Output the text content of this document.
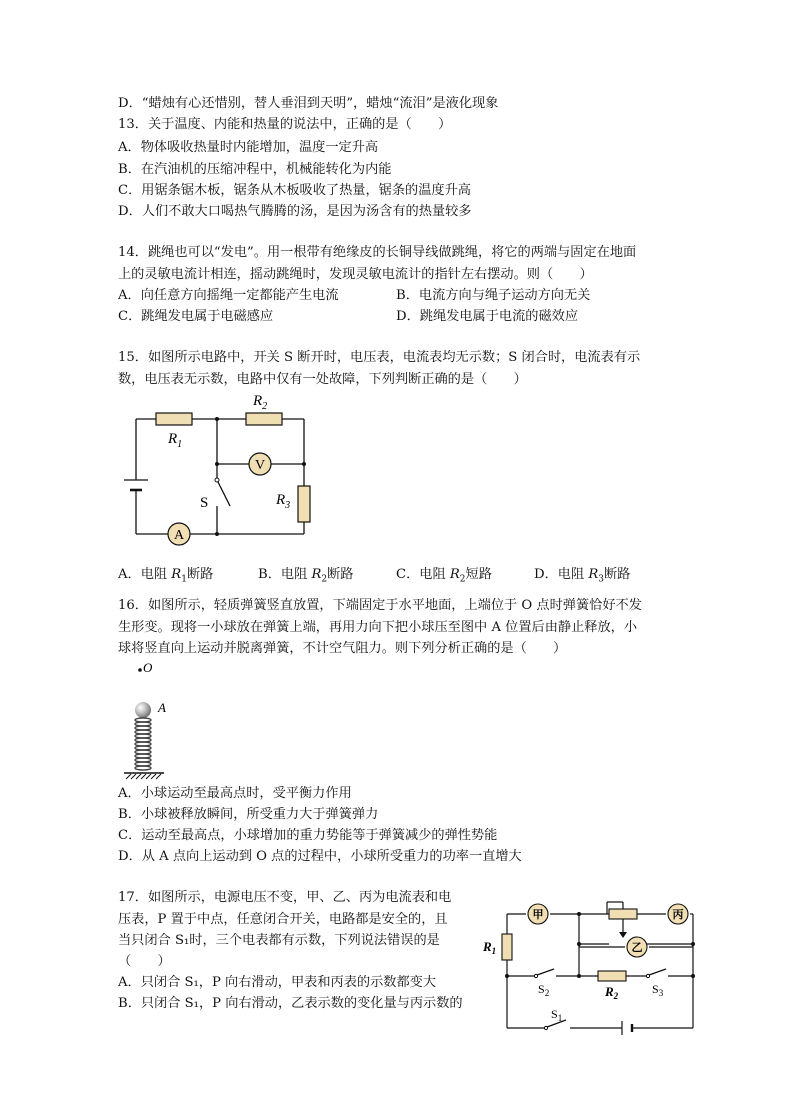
D．“蜡烛有心还惜别，替人垂泪到天明”，蜡烛“流泪”是液化现象
13．关于温度、内能和热量的说法中，正确的是（　　）
A．物体吸收热量时内能增加，温度一定升高
B．在汽油机的压缩冲程中，机械能转化为内能
C．用锯条锯木板，锯条从木板吸收了热量，锯条的温度升高
D．人们不敢大口喝热气腾腾的汤，是因为汤含有的热量较多
14．跳绳也可以“发电”。用一根带有绝缘皮的长铜导线做跳绳，将它的两端与固定在地面
上的灵敏电流计相连，摇动跳绳时，发现灵敏电流计的指针左右摆动。则（　　）
A．向任意方向摇绳一定都能产生电流	B．电流方向与绳子运动方向无关
C．跳绳发电属于电磁感应	D．跳绳发电属于电流的磁效应
15．如图所示电路中，开关 S 断开时，电压表，电流表均无示数；S 闭合时，电流表有示
数，电压表无示数，电路中仅有一处故障，下列判断正确的是（　　）
V
A
$R_1$
$R_2$
$R_3$
S
A．电阻 $R_1$断路	B．电阻 $R_2$断路	C．电阻 $R_2$短路	D．电阻 $R_3$断路
16．如图所示，轻质弹簧竖直放置，下端固定于水平地面，上端位于 O 点时弹簧恰好不发
生形变。现将一小球放在弹簧上端，再用力向下把小球压至图中 A 位置后由静止释放，小
球将竖直向上运动并脱离弹簧，不计空气阻力。则下列分析正确的是（　　）
O
A
A．小球运动至最高点时，受平衡力作用
B．小球被释放瞬间，所受重力大于弹簧弹力
C．运动至最高点，小球增加的重力势能等于弹簧减少的弹性势能
D．从 A 点向上运动到 O 点的过程中，小球所受重力的功率一直增大
17．如图所示，电源电压不变，甲、乙、丙为电流表和电
压表，P 置于中点，任意闭合开关，电路都是安全的，且
当只闭合 S₁时，三个电表都有示数，下列说法错误的是
（　　）
A．只闭合 S₁，P 向右滑动，甲表和丙表的示数都变大
B．只闭合 S₁，P 向右滑动，乙表示数的变化量与丙示数的
甲	丙
乙
$R_1$
$R_2$
$S_2$	$S_3$
$S_1$
